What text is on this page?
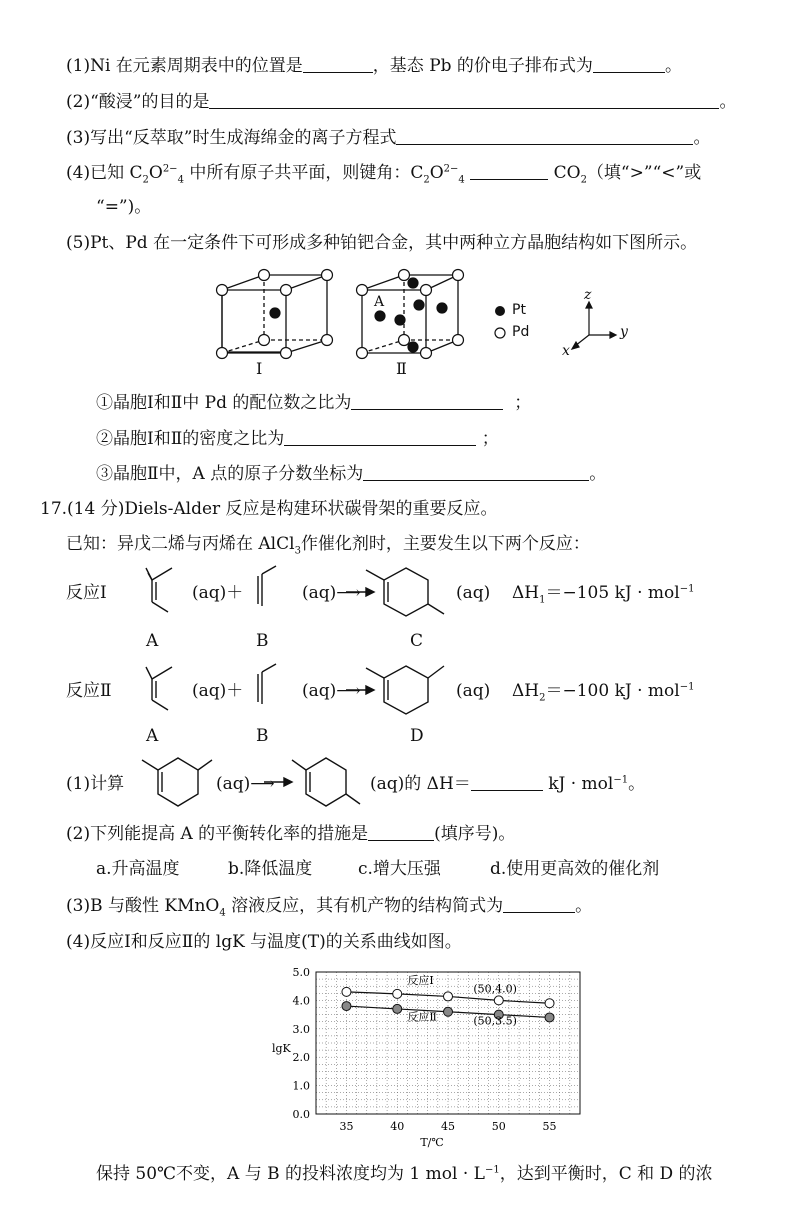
(1)Ni 在元素周期表中的位置是	，基态 Pb 的价电子排布式为	。
(2)“酸浸”的目的是	。
(3)写出“反萃取”时生成海绵金的离子方程式	。
(4)已知 $C_2O^{2-}_4$ 中所有原子共平面，则键角：$C_2O^{2-}_4$	$CO_2$（填“>”“<”或
“=”)。
(5)Pt、Pd 在一定条件下可形成多种铂钯合金，其中两种立方晶胞结构如下图所示。
Ⅰ	Ⅱ
A	Pt
Pd
z
y
x
①晶胞Ⅰ和Ⅱ中 Pd 的配位数之比为	；
②晶胞Ⅰ和Ⅱ的密度之比为	；
③晶胞Ⅱ中，A 点的原子分数坐标为	。
17.(14 分)Diels-Alder 反应是构建环状碳骨架的重要反应。
已知：异戊二烯与丙烯在 AlCl$_3$作催化剂时，主要发生以下两个反应：
反应Ⅰ	(aq)＋	(aq)⟶	(aq) $\Delta H_1=-105$ kJ · mol$^{-1}$
A	B	C
反应Ⅱ	(aq)＋	(aq)⟶	(aq) $\Delta H_2=-100$ kJ · mol$^{-1}$
A	B	D
(1)计算	(aq)⟶	(aq)的 ΔH＝	kJ · mol$^{-1}$。
(2)下列能提高 A 的平衡转化率的措施是	(填序号)。
a.升高温度	b.降低温度	c.增大压强	d.使用更高效的催化剂
(3)B 与酸性 KMnO$_4$ 溶液反应，其有机产物的结构简式为	。
(4)反应Ⅰ和反应Ⅱ的 lgK 与温度(T)的关系曲线如图。
0.0
1.0
2.0
3.0
4.0
5.0
35	40	45	50	55
lgK
T/℃
反应Ⅰ
反应Ⅱ
(50,4.0)
(50,3.5)
保持 50℃不变，A 与 B 的投料浓度均为 1 mol · $L^{-1}$，达到平衡时，C 和 D 的浓
